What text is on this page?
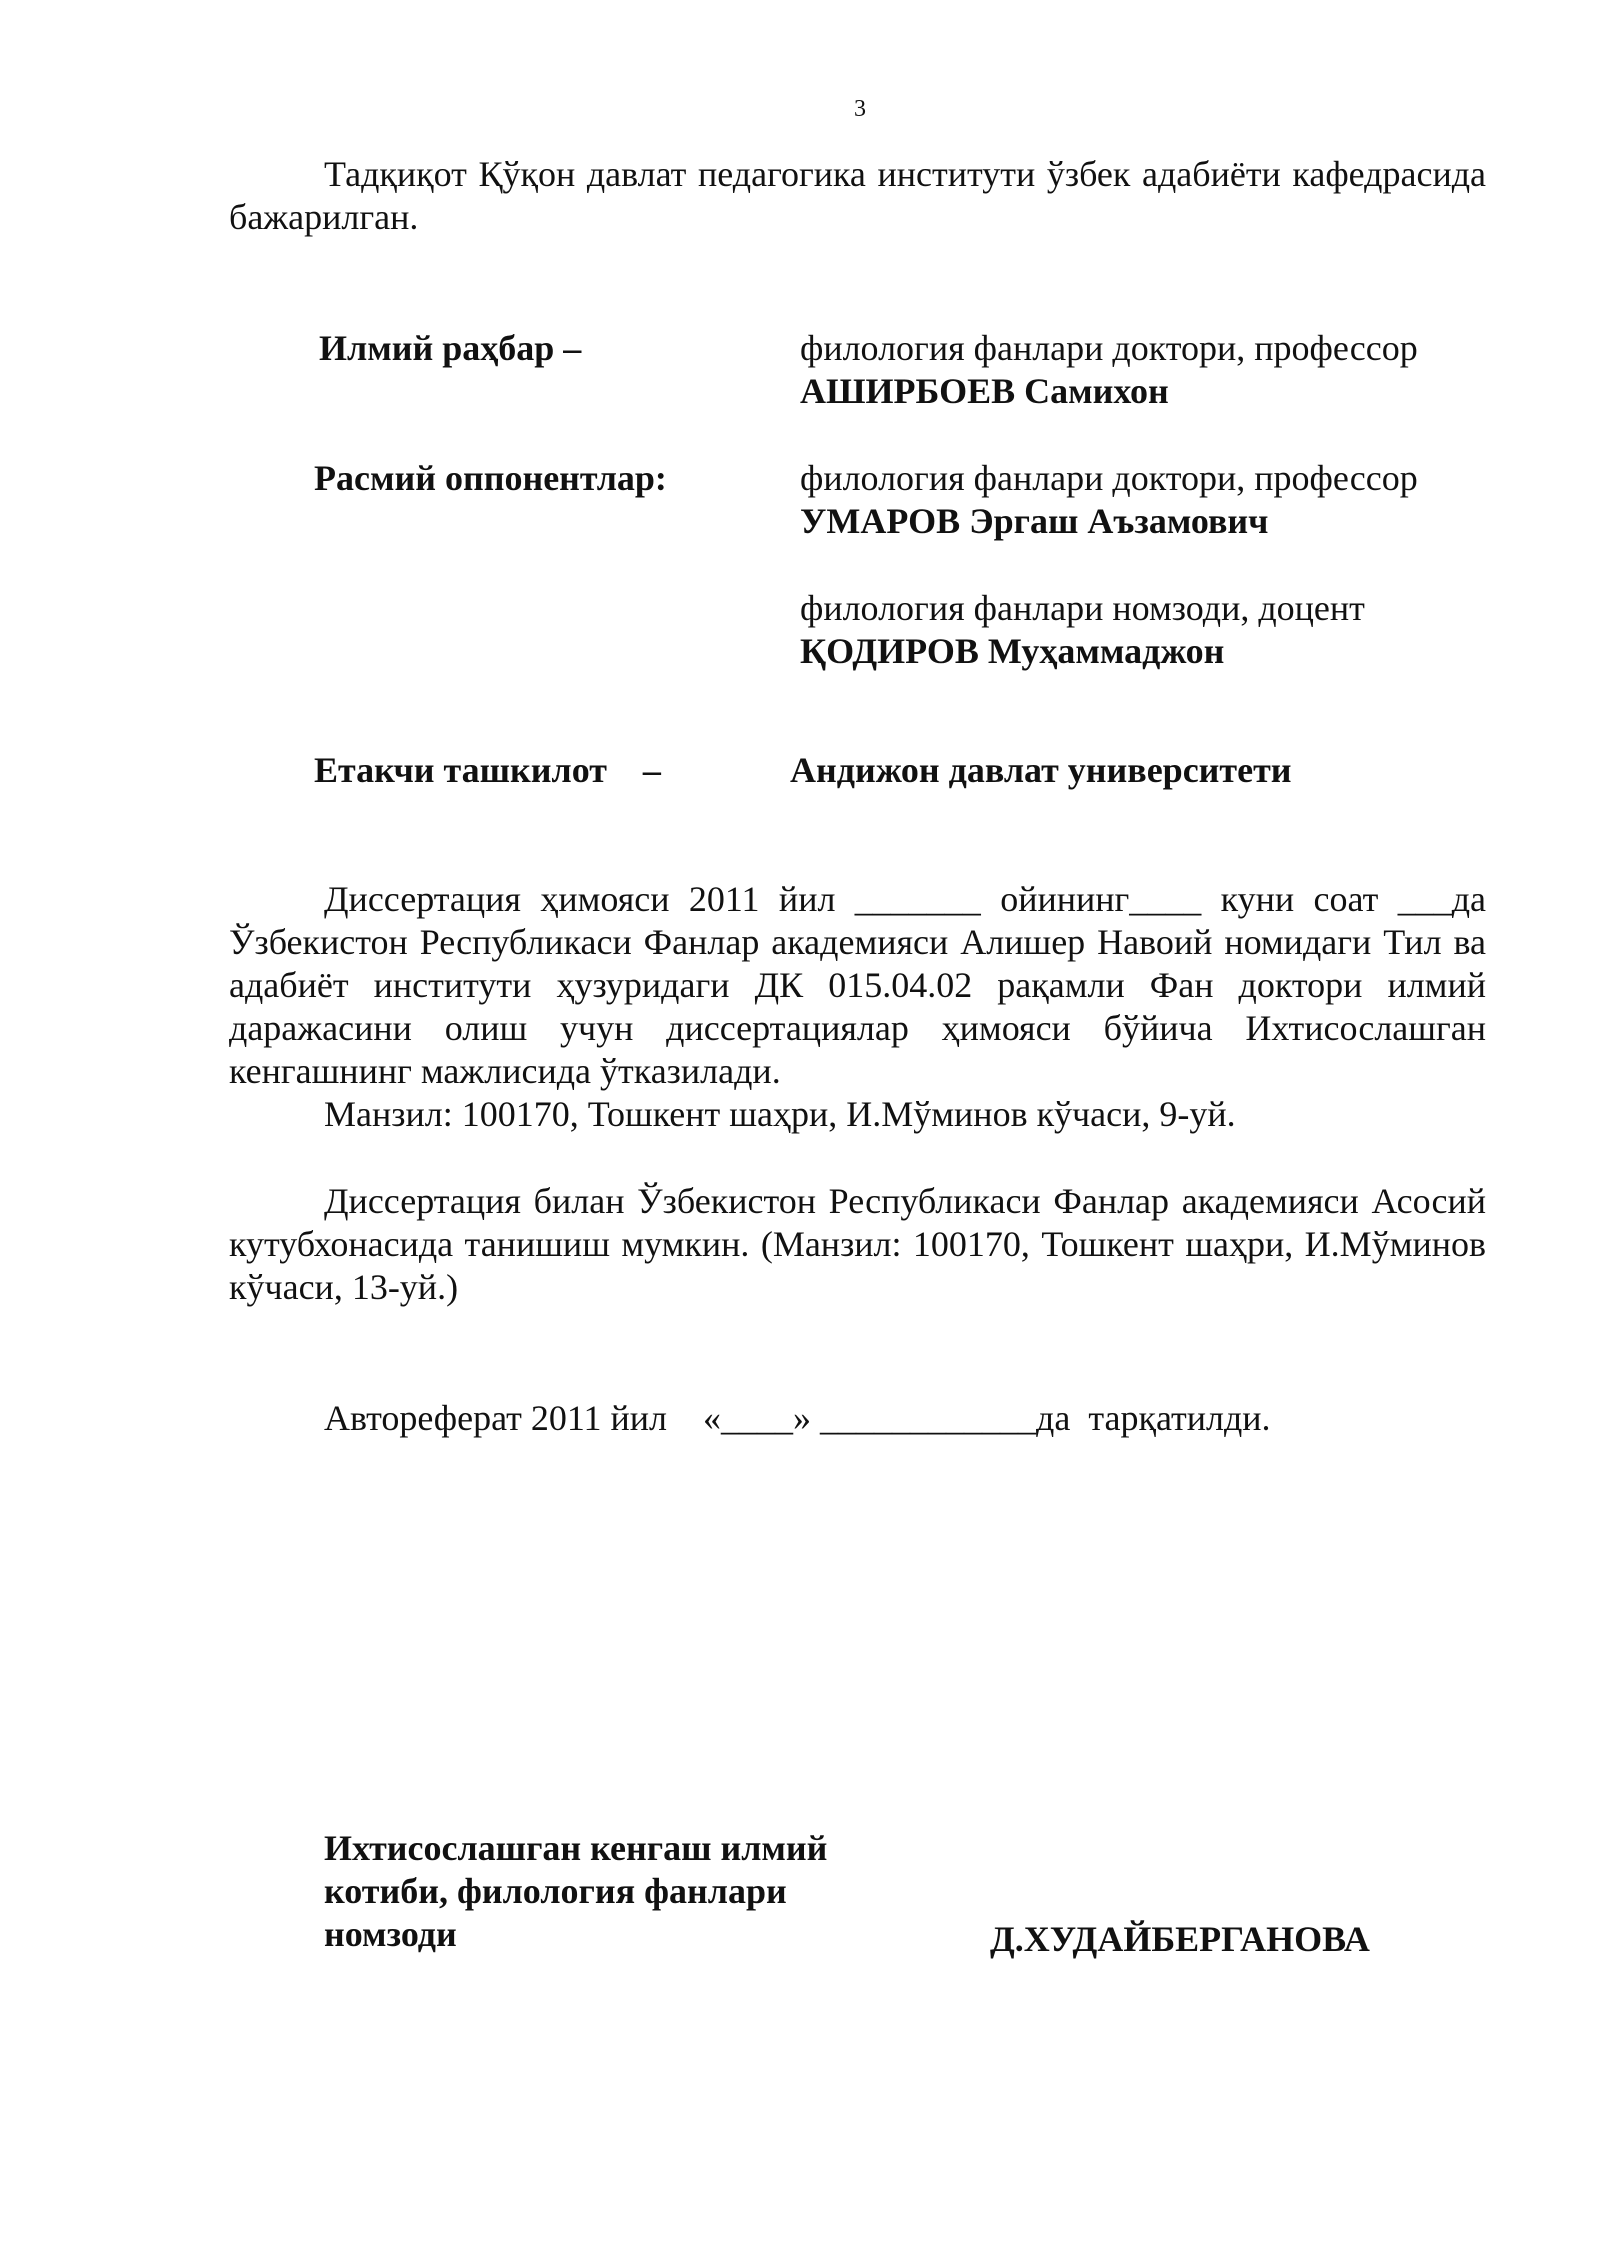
3

Тадқиқот Қўқон давлат педагогика институти ўзбек адабиёти кафедрасида бажарилган.

Илмий раҳбар –	филология фанлари доктори, профессор
АШИРБОЕВ Самихон
Расмий оппонентлар:	филология фанлари доктори, профессор
УМАРОВ Эргаш Аъзамович
филология фанлари номзоди, доцент
ҚОДИРОВ Муҳаммаджон
Етакчи ташкилот    –	Андижон давлат университети

Диссертация ҳимояси 2011 йил _______ ойининг____ куни соат ___да Ўзбекистон Республикаси Фанлар академияси Алишер Навоий номидаги Тил ва адабиёт институти ҳузуридаги ДК 015.04.02 рақамли Фан доктори илмий даражасини олиш учун диссертациялар ҳимояси бўйича Ихтисослашган кенгашнинг мажлисида ўтказилади.

Манзил: 100170, Тошкент шаҳри, И.Мўминов кўчаси, 9-уй.

Диссертация билан Ўзбекистон Республикаси Фанлар академияси Асосий кутубхонасида танишиш мумкин. (Манзил: 100170, Тошкент шаҳри, И.Мўминов кўчаси, 13-уй.)

Автореферат 2011 йил    «____» ____________да  тарқатилди.

Ихтисослашган кенгаш илмий
котиби, филология фанлари
номзоди	Д.ХУДАЙБЕРГАНОВА
